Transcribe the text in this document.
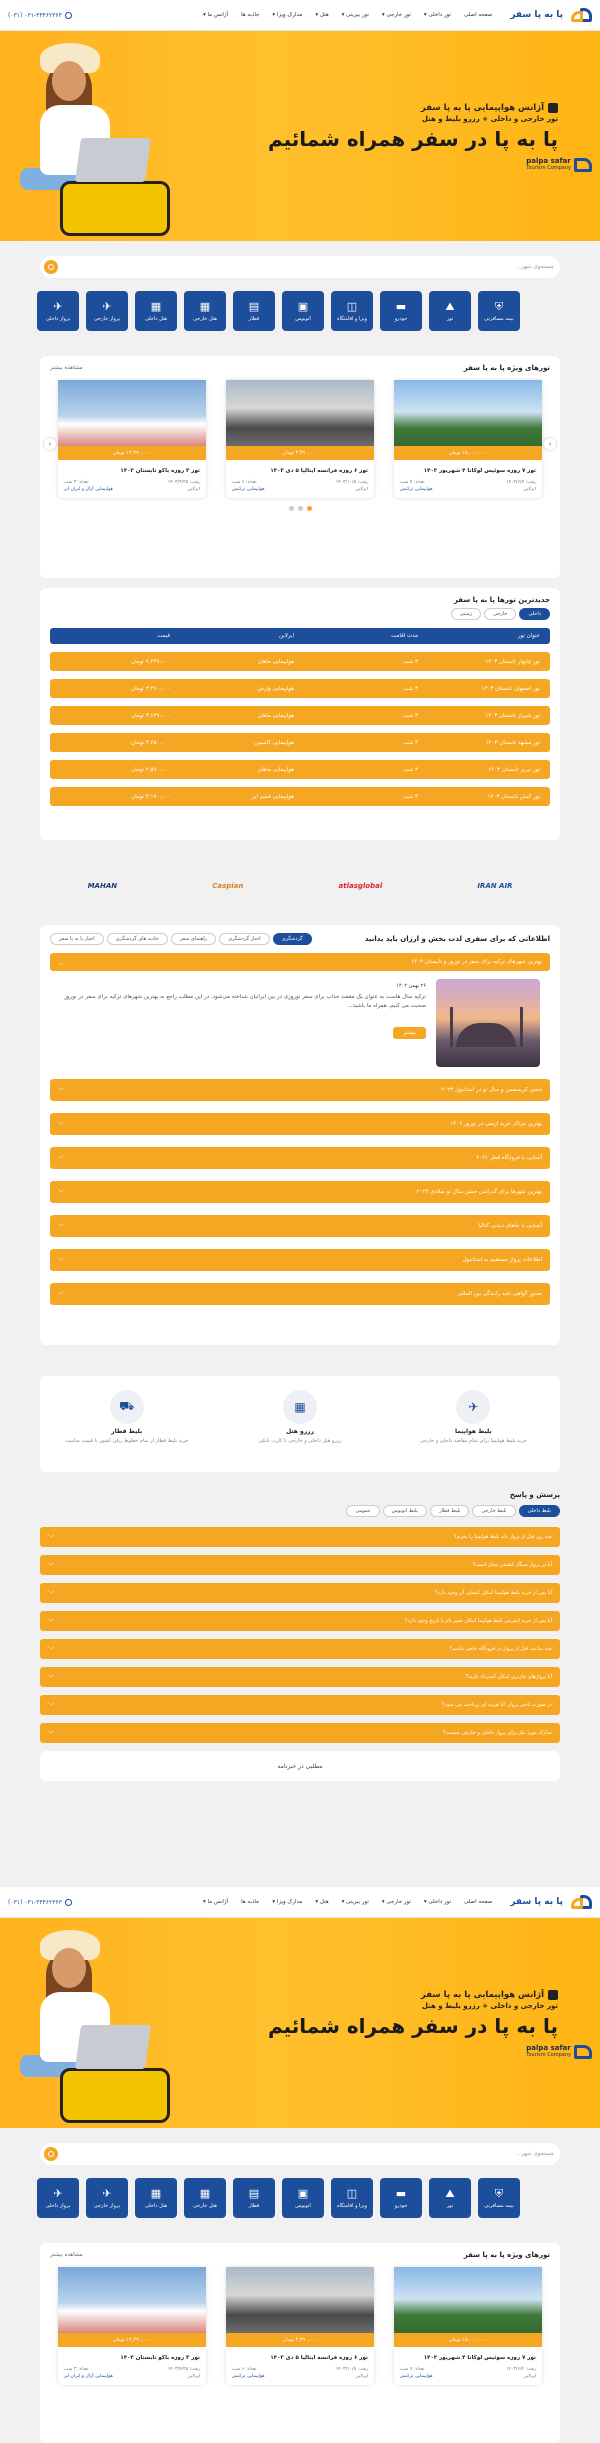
پا به پا سفر
صفحه اصلی
تور داخلی ▾
تور خارجی ▾
تور بیرینی ▾
هتل ▾
مدارک ویزا ▾
جاذبه ها
آژانس ما ▾
۰۳۱-۳۴۴۶۲۳۶۳ (۰۳۱)
آژانس هواپیمایی پا به پا سفر
تور خارجی و داخلی + رزرو بلیط و هتل
پا به پا در سفر همراه شمائیم
palpa safar
Tourism Company
جستجوی شهر...
✈
پرواز داخلی
✈
پرواز خارجی
▦
هتل داخلی
▦
هتل خارجی
▤
قطار
▣
اتوبوس
◫
ویزا و اقامتگاه
▬
خودرو
⛰
تور
⛨
بیمه مسافرتی
تورهای ویژه پا به پا سفر
مشاهده بیشتر
۱۵,۰۰۰,۰۰۰ تومان
تور ۷ روزه سوئیس لوکانا ۴ شهریور ۱۴۰۳
رفت: ۱۴۰۳/۶/۴
تعداد: ۷ شب
ایرلاین
هواپیمایی ترکیش
۲,۳۹۰,۰۰۰ تومان
تور ۶ روزه فرانسه ایتالیا ۵ دی ۱۴۰۳
رفت: ۱۴۰۳/۱۰/۵
تعداد: ۶ شب
ایرلاین
هواپیمایی ترکیش
۱۲,۴۹۰,۰۰۰ تومان
تور ۳ روزه باکو تابستان ۱۴۰۳
رفت: ۱۴۰۳/۴/۲۵
تعداد: ۳ شب
ایرلاین
هواپیمایی آزال و ایران ایر
›
‹
جدیدترین تورها پا به پا سفر
داخلی
خارجی
زمینی
عنوان تور
مدت اقامت
ایرلاین
قیمت
تور چابهار تابستان ۱۴۰۳
۳ شب
هواپیمایی ماهان
۴,۴۳۹,۰۰۰ تومان
تور اصفهان تابستان ۱۴۰۳
۳ شب
هواپیمایی وارش
۳,۲۷۰,۰۰۰ تومان
تور شیراز تابستان ۱۴۰۳
۳ شب
هواپیمایی ماهان
۳,۶۳۹,۰۰۰ تومان
تور مشهد تابستان ۱۴۰۳
۳ شب
هواپیمایی کاسپین
۳,۲۵۰,۰۰۰ تومان
تور تبریز تابستان ۱۴۰۳
۳ شب
هواپیمایی ماهان
۴,۵۹۰,۰۰۰ تومان
تور کیش تابستان ۱۴۰۳
۳ شب
هواپیمایی قشم ایر
۳,۱۷۰,۰۰۰ تومان
IRAN AIR
atlasglobal
Caspian
MAHAN
اطلاعاتی که برای سفری لذت بخش و ارزان باید بدانید
گردشگری
اخبار گردشگری
راهنمای سفر
جاذبه های گردشگری
اخبار پا به پا سفر
بهترین شهرهای ترکیه برای سفر در نوروز و تابستان ۱۴۰۳
︿
۲۶ بهمن ۱۴۰۲
ترکیه سال هاست به عنوان یک مقصد جذاب برای سفر نوروزی در بین ایرانیان شناخته می‌شود. در این مطلب راجع به بهترین شهرهای ترکیه برای سفر در نوروز صحبت می کنیم. همراه ما باشید...
بیشتر
جشن کریسمس و سال نو در استانبول ۲۰۲۳
﹀
بهترین مراکز خرید ارمنی در نوروز ۱۴۰۲
﹀
آشنایی با فرودگاه قطر ۲۰۲۱
﹀
بهترین شهرها برای گذراندن جشن سال نو میلادی ۲۰۲۳
﹀
آشنایی با جاهای دیدنی کتالیا
﹀
اطلاعات پرواز مستقیم به استانبول
﹀
صدور گواهی نامه رانندگی بین المللی
﹀
✈
بلیط هواپیما
خرید بلیط هواپیما برای تمام مقاصد داخلی و خارجی
▦
رزرو هتل
رزرو هتل داخلی و خارجی با کارت بانکی
⛟
بلیط قطار
خرید بلیط قطار از تمام خطوط ریلی کشور با قیمت مناسب
پرسش و پاسخ
بلیط داخلی
بلیط خارجی
بلیط قطار
بلیط اتوبوس
عمومی
چند روز قبل از پرواز باید بلیط هواپیما را بخرم؟
﹀
آیا در پرواز سیگار کشیدن مجاز است؟
﹀
آیا پس از خرید بلیط هواپیما امکان کنسلی آن وجود دارد؟
﹀
آیا پس از خرید اینترنتی بلیط هواپیما امکان تغییر نام یا تاریخ وجود دارد؟
﹀
چند ساعت قبل از پرواز در فرودگاه حاضر باشیم؟
﹀
آیا پروازهای چارتری امکان استرداد دارند؟
﹀
در صورت تاخیر پرواز، آیا هزینه ای پرداخت می شود؟
﹀
مدارک مورد نیاز برای پرواز داخلی و خارجی چیست؟
﹀
مطلبی در خبرنامه
پا به پا سفر
صفحه اصلی
تور داخلی ▾
تور خارجی ▾
تور بیرینی ▾
هتل ▾
مدارک ویزا ▾
جاذبه ها
آژانس ما ▾
۰۳۱-۳۴۴۶۲۳۶۳ (۰۳۱)
آژانس هواپیمایی پا به پا سفر
تور خارجی و داخلی + رزرو بلیط و هتل
پا به پا در سفر همراه شمائیم
palpa safar
Tourism Company
جستجوی شهر...
✈
پرواز داخلی
✈
پرواز خارجی
▦
هتل داخلی
▦
هتل خارجی
▤
قطار
▣
اتوبوس
◫
ویزا و اقامتگاه
▬
خودرو
⛰
تور
⛨
بیمه مسافرتی
تورهای ویژه پا به پا سفر
مشاهده بیشتر
۱۵,۰۰۰,۰۰۰ تومان
تور ۷ روزه سوئیس لوکانا ۴ شهریور ۱۴۰۳
رفت: ۱۴۰۳/۶/۴
تعداد: ۷ شب
ایرلاین
هواپیمایی ترکیش
۲,۳۹۰,۰۰۰ تومان
تور ۶ روزه فرانسه ایتالیا ۵ دی ۱۴۰۳
رفت: ۱۴۰۳/۱۰/۵
تعداد: ۶ شب
ایرلاین
هواپیمایی ترکیش
۱۲,۴۹۰,۰۰۰ تومان
تور ۳ روزه باکو تابستان ۱۴۰۳
رفت: ۱۴۰۳/۴/۲۵
تعداد: ۳ شب
ایرلاین
هواپیمایی آزال و ایران ایر
